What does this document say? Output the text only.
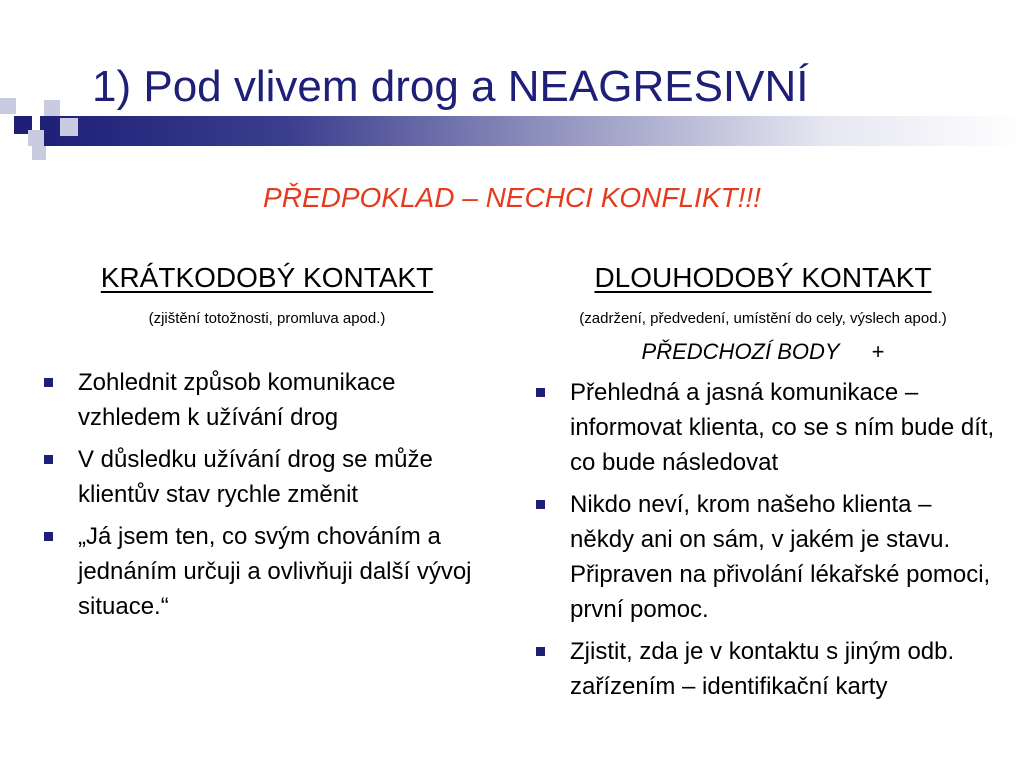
1) Pod vlivem drog a NEAGRESIVNÍ

PŘEDPOKLAD – NECHCI KONFLIKT!!!

KRÁTKODOBÝ KONTAKT
(zjištění totožnosti, promluva apod.)
Zohlednit způsob komunikace vzhledem k užívání drog
V důsledku užívání drog se může klientův stav rychle změnit
„Já jsem ten, co svým chováním a jednáním určuji a ovlivňuji další vývoj situace.“
DLOUHODOBÝ KONTAKT
(zadržení, předvedení, umístění do cely, výslech apod.)
PŘEDCHOZÍ BODY +
Přehledná a jasná komunikace – informovat klienta, co se s ním bude dít, co bude následovat
Nikdo neví, krom našeho klienta – někdy ani on sám, v jakém je stavu. Připraven na přivolání lékařské pomoci, první pomoc.
Zjistit, zda je v kontaktu s jiným odb. zařízením – identifikační karty
